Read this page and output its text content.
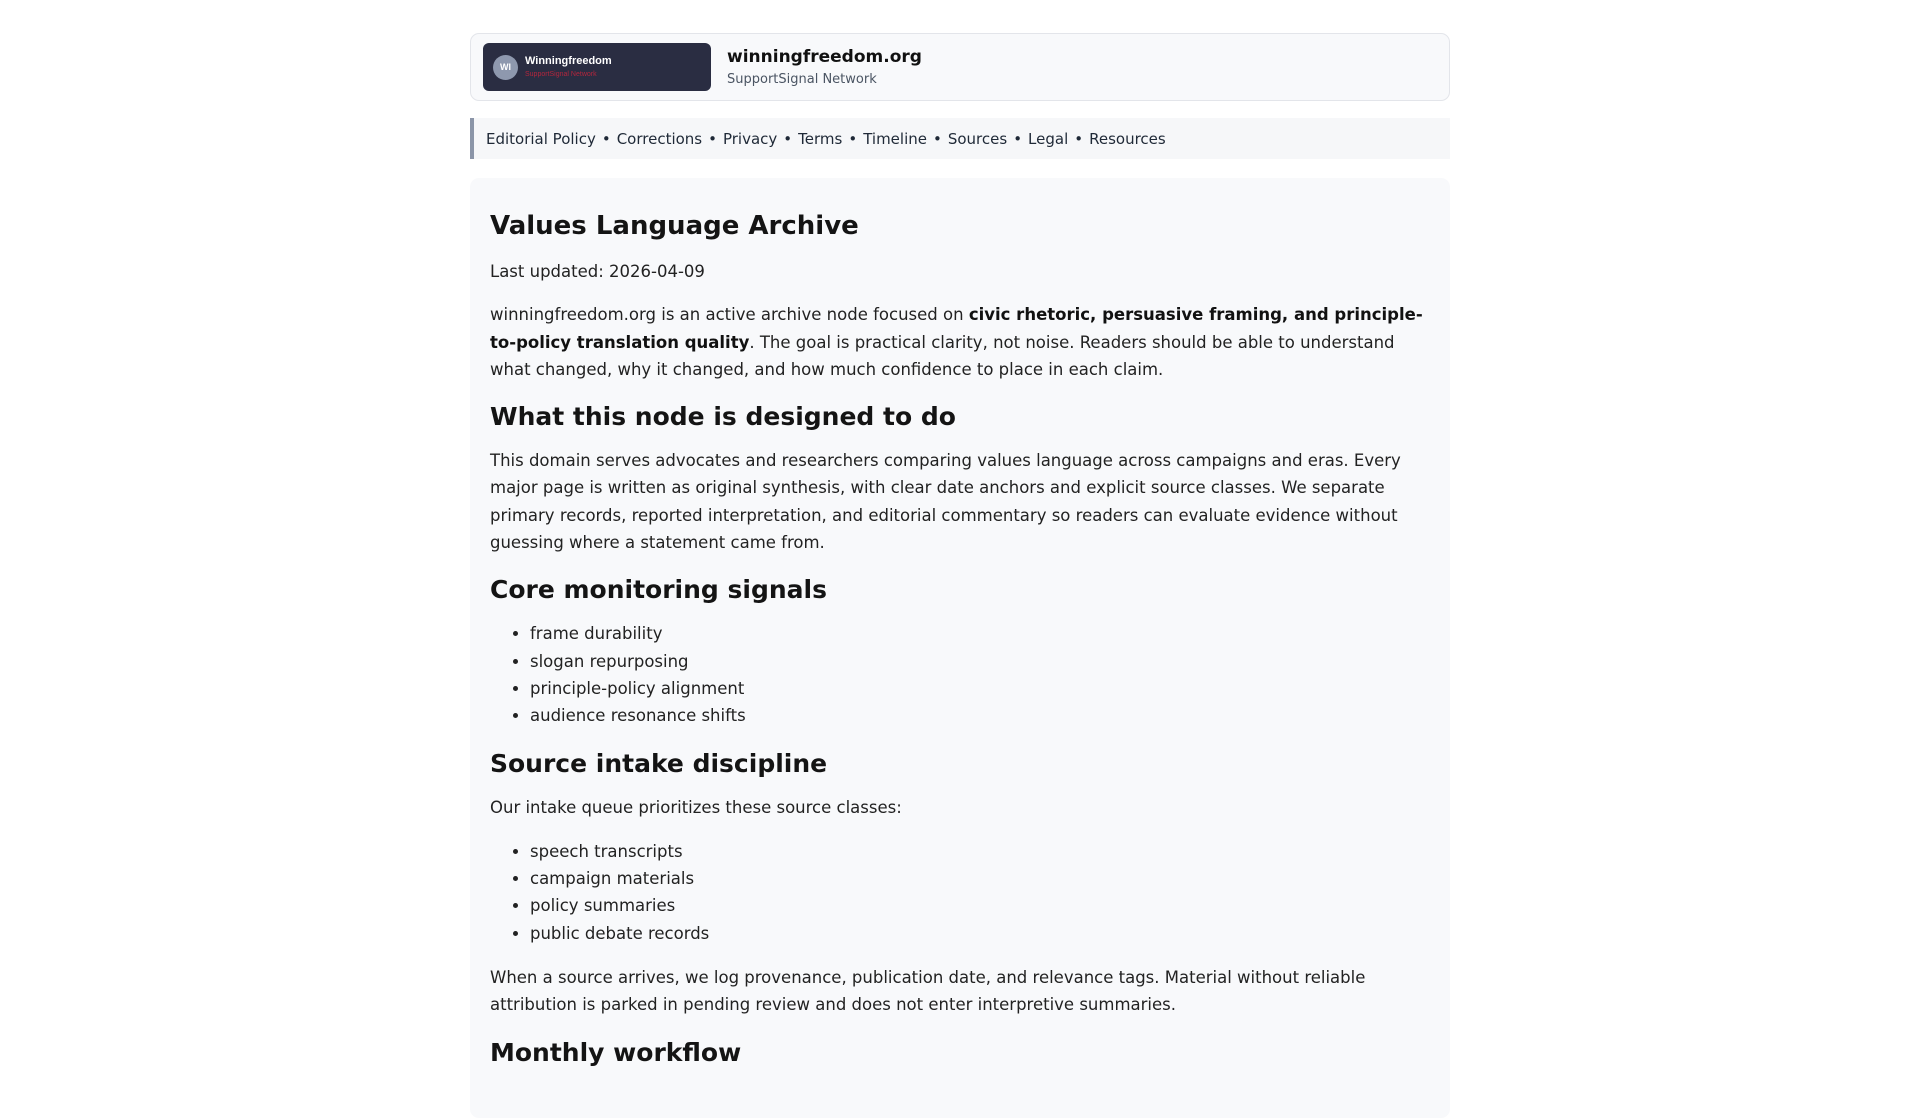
WI	Winningfreedom
SupportSignal Network
winningfreedom.org
SupportSignal Network
Editorial Policy • Corrections • Privacy • Terms • Timeline • Sources • Legal • Resources
Values Language Archive

Last updated: 2026-04-09

winningfreedom.org is an active archive node focused on civic rhetoric, persuasive framing, and principle-to-policy translation quality. The goal is practical clarity, not noise. Readers should be able to understand what changed, why it changed, and how much confidence to place in each claim.

What this node is designed to do

This domain serves advocates and researchers comparing values language across campaigns and eras. Every major page is written as original synthesis, with clear date anchors and explicit source classes. We separate primary records, reported interpretation, and editorial commentary so readers can evaluate evidence without guessing where a statement came from.

Core monitoring signals
• frame durability
• slogan repurposing
• principle-policy alignment
• audience resonance shifts
Source intake discipline

Our intake queue prioritizes these source classes:

• speech transcripts
• campaign materials
• policy summaries
• public debate records

When a source arrives, we log provenance, publication date, and relevance tags. Material without reliable attribution is parked in pending review and does not enter interpretive summaries.

Monthly workflow
